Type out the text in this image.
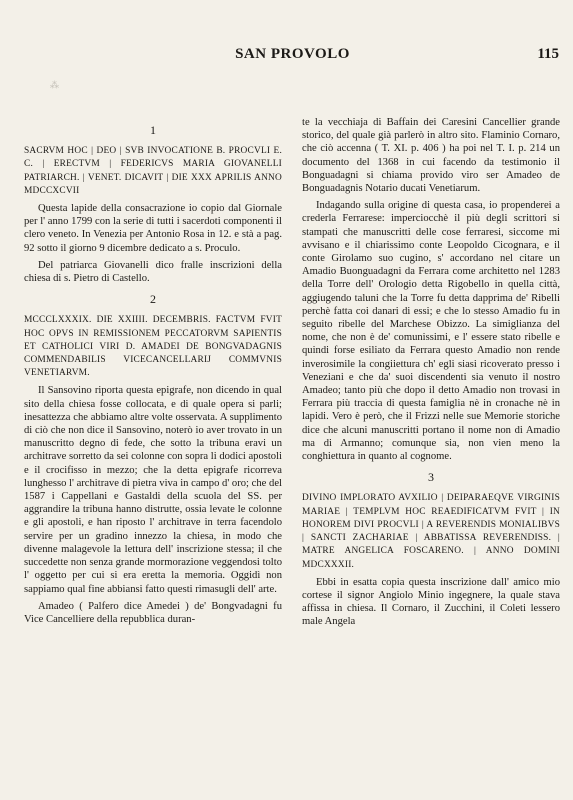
⁂
SAN PROVOLO	115
1
SACRVM HOC | DEO | SVB INVOCATIONE B. PROCVLI E. C. | ERECTVM | FEDERICVS MARIA GIOVANELLI PATRIARCH. | VENET. DICAVIT | DIE XXX APRILIS ANNO MDCCXCVII

Questa lapide della consacrazione io copio dal Giornale per l' anno 1799 con la serie di tutti i sacerdoti componenti il clero veneto. In Venezia per Antonio Rosa in 12. e stà a pag. 92 sotto il giorno 9 dicembre dedicato a s. Proculo.

Del patriarca Giovanelli dico fralle inscrizioni della chiesa di s. Pietro di Castello.

2
MCCCLXXXIX. DIE XXIIII. DECEMBRIS. FACTVM FVIT HOC OPVS IN REMISSIONEM PECCATORVM SAPIENTIS ET CATHOLICI VIRI D. AMADEI DE BONGVADAGNIS COMMENDABILIS VICECANCELLARIJ COMMVNIS VENETIARVM.

Il Sansovino riporta questa epigrafe, non dicendo in qual sito della chiesa fosse collocata, e di quale opera si parli; inesattezza che abbiamo altre volte osservata. A supplimento di ciò che non dice il Sansovino, noterò io aver trovato in un manuscritto degno di fede, che sotto la tribuna eravi un architrave sorretto da sei colonne con sopra li dodici apostoli e il crocifisso in mezzo; che la detta epigrafe ricorreva lunghesso l' architrave di pietra viva in campo d' oro; che del 1587 i Cappellani e Gastaldi della scuola del SS. per aggrandire la tribuna hanno distrutte, ossia levate le colonne e gli apostoli, e han riposto l' architrave in terra facendolo servire per un gradino innezzo la chiesa, in modo che divenne malagevole la lettura dell' inscrizione stessa; il che succedette non senza grande mormorazione veggendosi tolto l' oggetto per cui si era eretta la memoria. Oggidì non sappiamo qual fine abbiansi fatto questi rimasugli dell' arte.

Amadeo ( Palfero dice Amedei ) de' Bongvadagni fu Vice Cancelliere della repubblica duran-

te la vecchiaja di Baffain dei Caresini Cancellier grande storico, del quale già parlerò in altro sito. Flaminio Cornaro, che ciò accenna ( T. XI. p. 406 ) ha poi nel T. I. p. 214 un documento del 1368 in cui facendo da testimonio il Bonguadagni si chiama provido viro ser Amadeo de Bonguadagnis Notario ducati Venetiarum.

Indagando sulla origine di questa casa, io propenderei a crederla Ferrarese: imperciocchè il più degli scrittori si stampati che manuscritti delle cose ferraresi, siccome mi avvisano e il chiarissimo conte Leopoldo Cicognara, e il conte Girolamo suo cugino, s' accordano nel citare un Amadio Buonguadagni da Ferrara come architetto nel 1283 della Torre dell' Orologio detta Rigobello in quella città, aggiugendo taluni che la Torre fu detta dapprima de' Ribelli perchè fatta coi danari di essi; e che lo stesso Amadio fu in seguito ribelle del Marchese Obizzo. La simiglianza del nome, che non è de' comunissimi, e l' essere stato ribelle e quindi forse esiliato da Ferrara questo Amadio non rende inverosimile la congiiettura ch' egli siasi ricoverato presso i Veneziani e che da' suoi discendenti sia venuto il nostro Amadeo; tanto più che dopo il detto Amadio non trovasi in Ferrara più traccia di questa famiglia nè in cronache nè in lapidi. Vero è però, che il Frizzi nelle sue Memorie storiche dice che alcuni manuscritti portano il nome non di Amadio ma di Armanno; comunque sia, non vien meno la conghiettura in quanto al cognome.

3
DIVINO IMPLORATO AVXILIO | DEIPARAEQVE VIRGINIS MARIAE | TEMPLVM HOC REAEDIFICATVM FVIT | IN HONOREM DIVI PROCVLI | A REVERENDIS MONIALIBVS | SANCTI ZACHARIAE | ABBATISSA REVERENDISS. | MATRE ANGELICA FOSCARENO. | ANNO DOMINI MDCXXXII.

Ebbi in esatta copia questa inscrizione dall' amico mio cortese il signor Angiolo Minio ingegnere, la quale stava affissa in chiesa. Il Cornaro, il Zucchini, il Coleti lessero male Angela
